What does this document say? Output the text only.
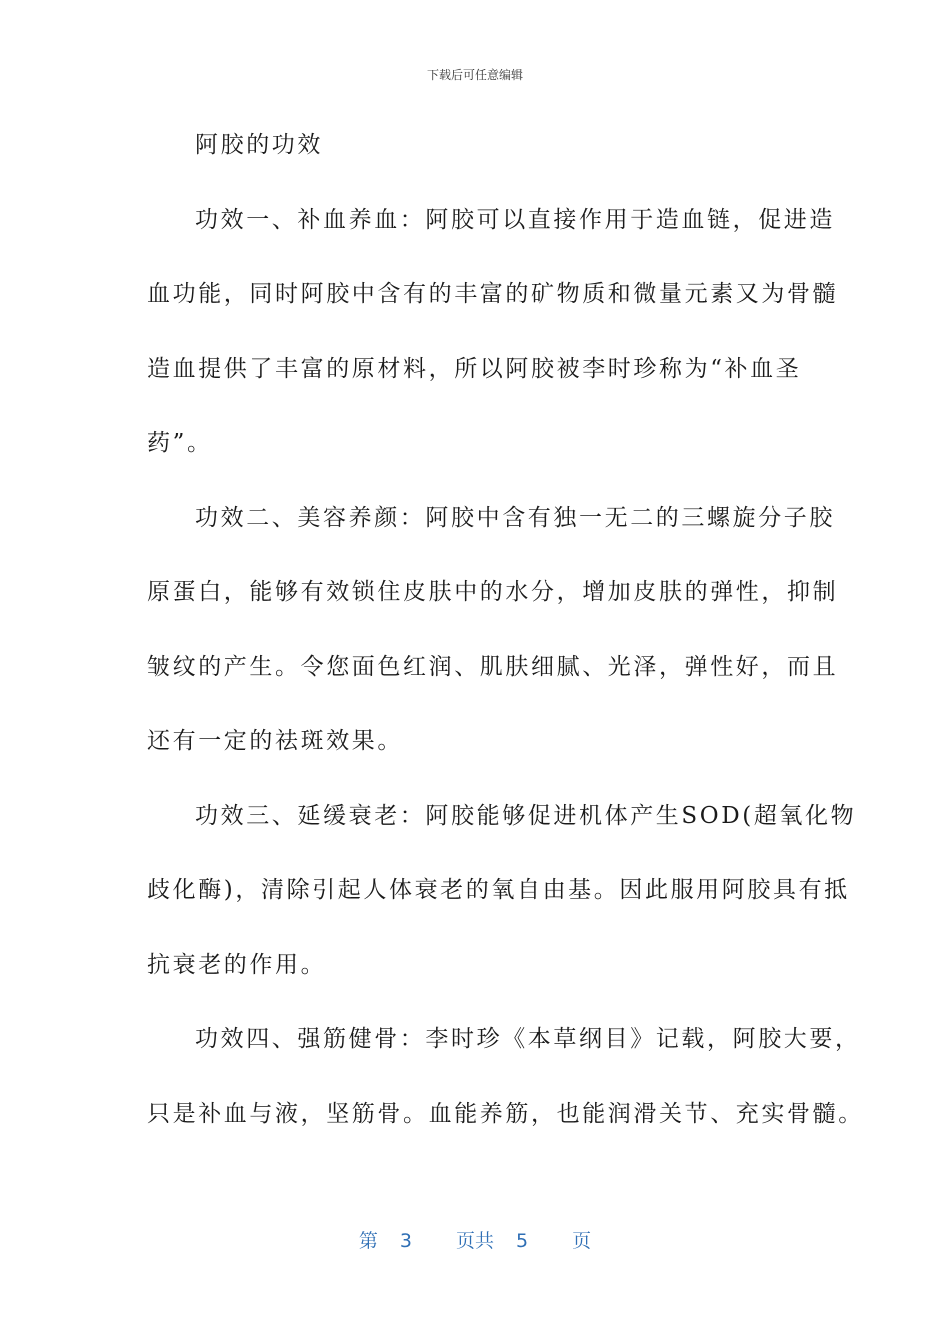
下载后可任意编辑
阿胶的功效
功效一、补血养血：阿胶可以直接作用于造血链，促进造
血功能，同时阿胶中含有的丰富的矿物质和微量元素又为骨髓
造血提供了丰富的原材料，所以阿胶被李时珍称为“补血圣
药”。
功效二、美容养颜：阿胶中含有独一无二的三螺旋分子胶
原蛋白，能够有效锁住皮肤中的水分，增加皮肤的弹性，抑制
皱纹的产生。令您面色红润、肌肤细腻、光泽，弹性好，而且
还有一定的祛斑效果。
功效三、延缓衰老：阿胶能够促进机体产生SOD(超氧化物
歧化酶)，清除引起人体衰老的氧自由基。因此服用阿胶具有抵
抗衰老的作用。
功效四、强筋健骨：李时珍《本草纲目》记载，阿胶大要，
只是补血与液，坚筋骨。血能养筋，也能润滑关节、充实骨髓。
第 3 页共 5 页
